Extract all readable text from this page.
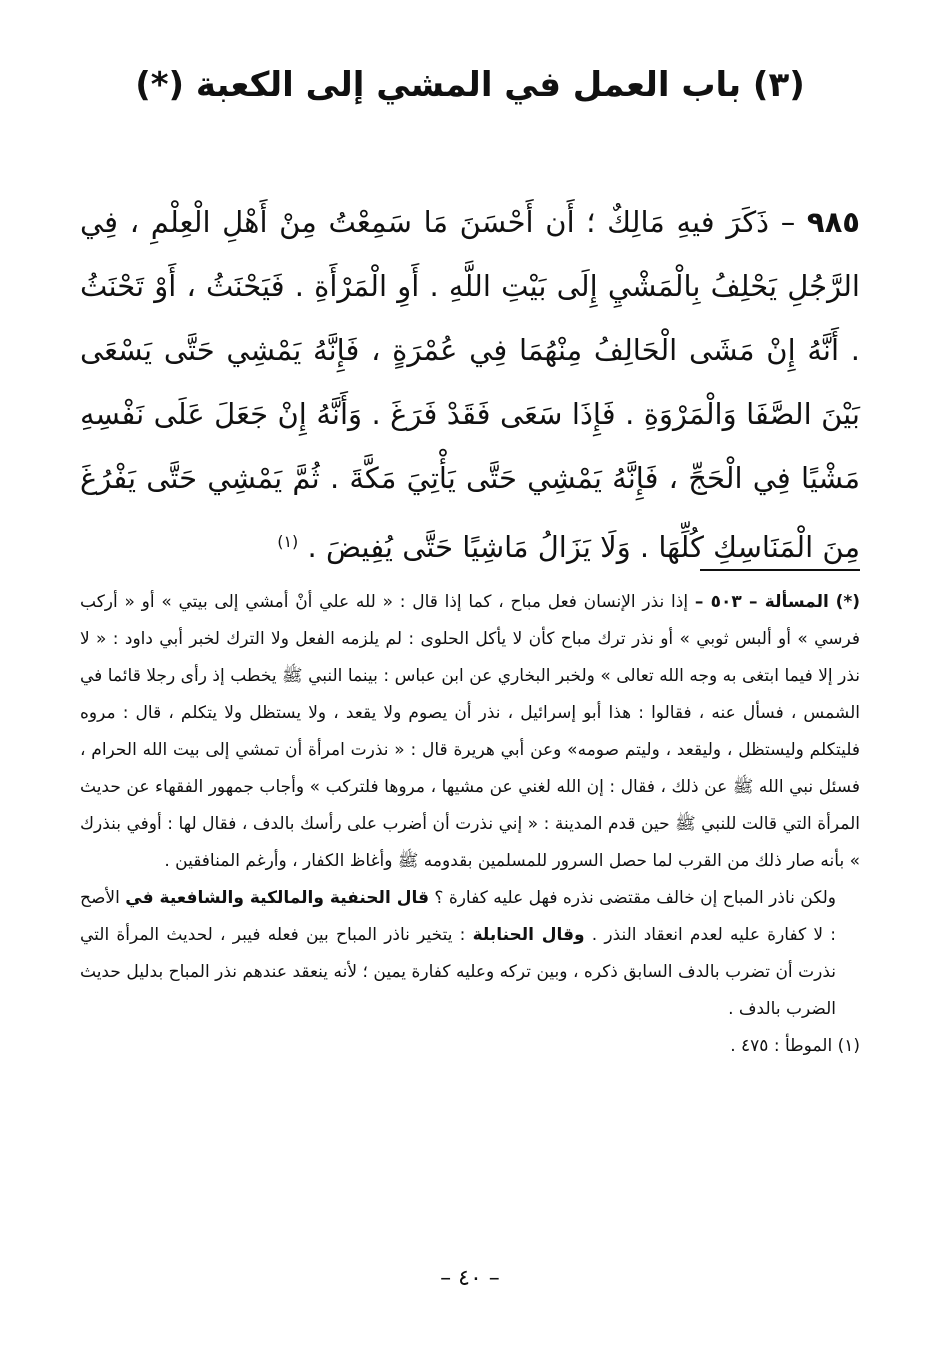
(٣) باب العمل في المشي إلى الكعبة (*)

٩٨٥ – ذَكَرَ فيهِ مَالِكٌ ؛ أَن أَحْسَنَ مَا سَمِعْتُ مِنْ أَهْلِ الْعِلْمِ ، فِي الرَّجُلِ يَحْلِفُ بِالْمَشْيِ إِلَى بَيْتِ اللَّهِ . أَوِ الْمَرْأَةِ . فَيَحْنَثُ ، أَوْ تَحْنَثُ . أَنَّهُ إِنْ مَشَى الْحَالِفُ مِنْهُمَا فِي عُمْرَةٍ ، فَإِنَّهُ يَمْشِي حَتَّى يَسْعَى بَيْنَ الصَّفَا وَالْمَرْوَةِ . فَإِذَا سَعَى فَقَدْ فَرَغَ . وَأَنَّهُ إِنْ جَعَلَ عَلَى نَفْسِهِ مَشْيًا فِي الْحَجِّ ، فَإِنَّهُ يَمْشِي حَتَّى يَأْتِيَ مَكَّةَ . ثُمَّ يَمْشِي حَتَّى يَفْرُغَ مِنَ الْمَنَاسِكِ كُلِّهَا . وَلَا يَزَالُ مَاشِيًا حَتَّى يُفِيضَ . $^{(١)}$

(*) المسألة – ٥٠٣ – إذا نذر الإنسان فعل مباح ، كما إذا قال : « لله علي أنْ أمشي إلى بيتي » أو « أركب فرسي » أو ألبس ثوبي » أو نذر ترك مباح كأن لا يأكل الحلوى : لم يلزمه الفعل ولا الترك لخبر أبي داود : « لا نذر إلا فيما ابتغى به وجه الله تعالى » ولخبر البخاري عن ابن عباس : بينما النبي ﷺ يخطب إذ رأى رجلا قائما في الشمس ، فسأل عنه ، فقالوا : هذا أبو إسرائيل ، نذر أن يصوم ولا يقعد ، ولا يستظل ولا يتكلم ، قال : مروه فليتكلم وليستظل ، وليقعد ، وليتم صومه» وعن أبي هريرة قال : « نذرت امرأة أن تمشي إلى بيت الله الحرام ، فسئل نبي الله ﷺ عن ذلك ، فقال : إن الله لغني عن مشيها ، مروها فلتركب » وأجاب جمهور الفقهاء عن حديث المرأة التي قالت للنبي ﷺ حين قدم المدينة : « إني نذرت أن أضرب على رأسك بالدف ، فقال لها : أوفي بنذرك » بأنه صار ذلك من القرب لما حصل السرور للمسلمين بقدومه ﷺ وأغاظ الكفار ، وأرغم المنافقين .

ولكن ناذر المباح إن خالف مقتضى نذره فهل عليه كفارة ؟ قال الحنفية والمالكية والشافعية في الأصح : لا كفارة عليه لعدم انعقاد النذر . وقال الحنابلة : يتخير ناذر المباح بين فعله فيبر ، لحديث المرأة التي نذرت أن تضرب بالدف السابق ذكره ، وبين تركه وعليه كفارة يمين ؛ لأنه ينعقد عندهم نذر المباح بدليل حديث الضرب بالدف .

(١) الموطأ : ٤٧٥ .

– ٤٠ –
